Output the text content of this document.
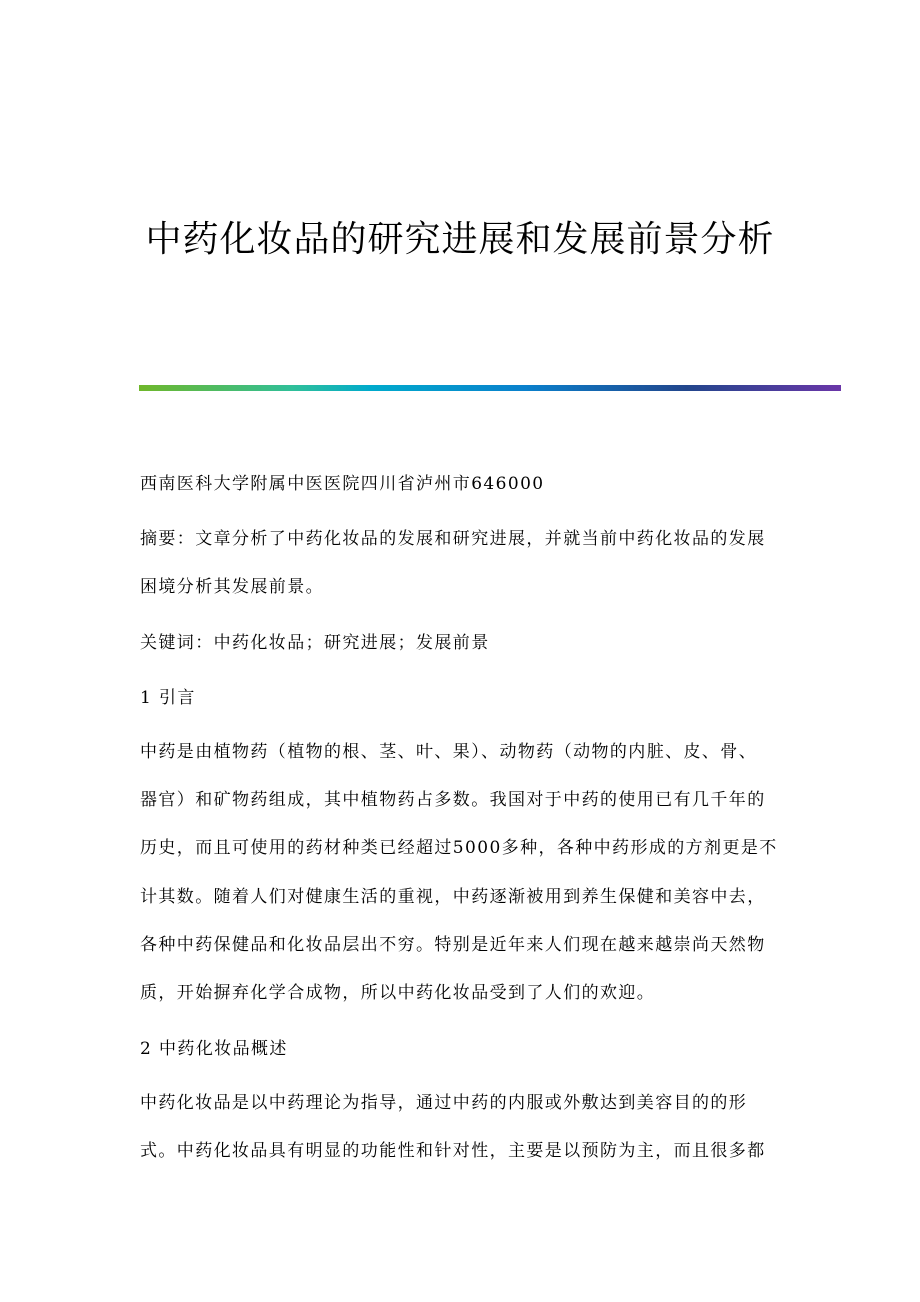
中药化妆品的研究进展和发展前景分析
西南医科大学附属中医医院四川省泸州市646000
摘要：文章分析了中药化妆品的发展和研究进展，并就当前中药化妆品的发展
困境分析其发展前景。
关键词：中药化妆品；研究进展；发展前景
1 引言
中药是由植物药（植物的根、茎、叶、果）、动物药（动物的内脏、皮、骨、
器官）和矿物药组成，其中植物药占多数。我国对于中药的使用已有几千年的
历史，而且可使用的药材种类已经超过5000多种，各种中药形成的方剂更是不
计其数。随着人们对健康生活的重视，中药逐渐被用到养生保健和美容中去，
各种中药保健品和化妆品层出不穷。特别是近年来人们现在越来越崇尚天然物
质，开始摒弃化学合成物，所以中药化妆品受到了人们的欢迎。
2 中药化妆品概述
中药化妆品是以中药理论为指导，通过中药的内服或外敷达到美容目的的形
式。中药化妆品具有明显的功能性和针对性，主要是以预防为主，而且很多都
